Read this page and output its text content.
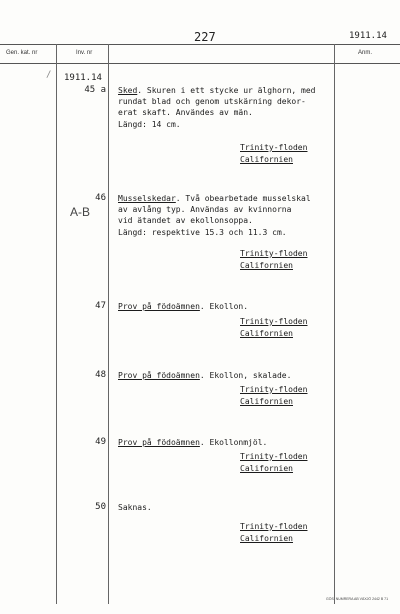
227	1911.14
Gen. kat. nr	Inv. nr	Anm.
/ 1911.14
45 a Sked. Skuren i ett stycke ur älghorn, med
rundat blad och genom utskärning dekor-
erat skaft. Användes av män.
Längd: 14 cm.
Trinity-floden
Californien
46
A-B
Musselskedar. Två obearbetade musselskal
av avlång typ. Användas av kvinnorna
vid ätandet av ekollonsoppa.
Längd: respektive 15.3 och 11.3 cm.
Trinity-floden
Californien
47 Prov på födoämnen. Ekollon.
Trinity-floden
Californien
48 Prov på födoämnen. Ekollon, skalade.
Trinity-floden
Californien
49 Prov på födoämnen. Ekollonmjöl.
Trinity-floden
Californien
50 Saknas.
Trinity-floden
Californien
GÖS. NUMRERA AB VÄXJÖ 2442 B 71
